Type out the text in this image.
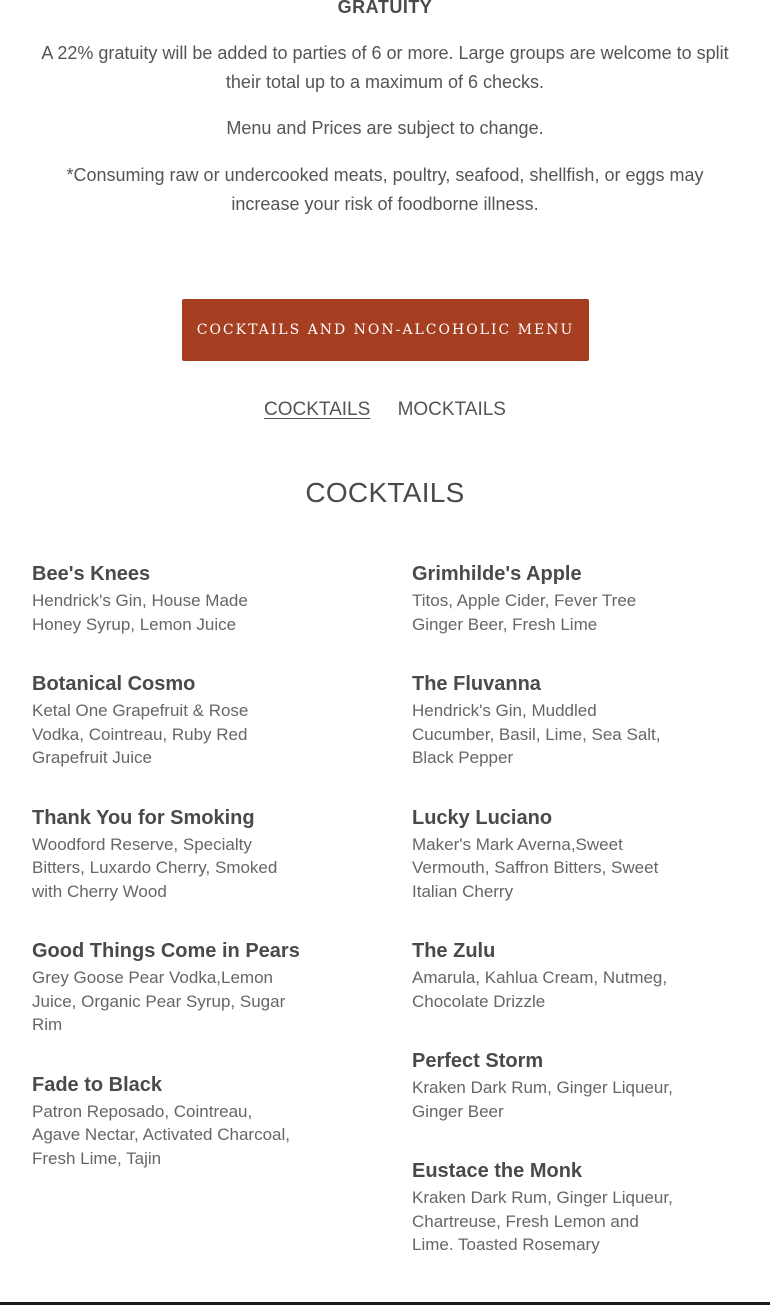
GRATUITY
A 22% gratuity will be added to parties of 6 or more. Large groups are welcome to split their total up to a maximum of 6 checks.
Menu and Prices are subject to change.
*Consuming raw or undercooked meats, poultry, seafood, shellfish, or eggs may increase your risk of foodborne illness.
COCKTAILS AND NON-ALCOHOLIC MENU
COCKTAILS MOCKTAILS
COCKTAILS
Bee's Knees
Hendrick's Gin, House Made Honey Syrup, Lemon Juice
Botanical Cosmo
Ketal One Grapefruit & Rose Vodka, Cointreau, Ruby Red Grapefruit Juice
Thank You for Smoking
Woodford Reserve, Specialty Bitters, Luxardo Cherry, Smoked with Cherry Wood
Good Things Come in Pears
Grey Goose Pear Vodka,Lemon Juice, Organic Pear Syrup, Sugar Rim
Fade to Black
Patron Reposado, Cointreau, Agave Nectar, Activated Charcoal, Fresh Lime, Tajin
Grimhilde's Apple
Titos, Apple Cider, Fever Tree Ginger Beer, Fresh Lime
The Fluvanna
Hendrick's Gin, Muddled Cucumber, Basil, Lime, Sea Salt, Black Pepper
Lucky Luciano
Maker's Mark Averna,Sweet Vermouth, Saffron Bitters, Sweet Italian Cherry
The Zulu
Amarula, Kahlua Cream, Nutmeg, Chocolate Drizzle
Perfect Storm
Kraken Dark Rum, Ginger Liqueur, Ginger Beer
Eustace the Monk
Kraken Dark Rum, Ginger Liqueur, Chartreuse, Fresh Lemon and Lime. Toasted Rosemary
